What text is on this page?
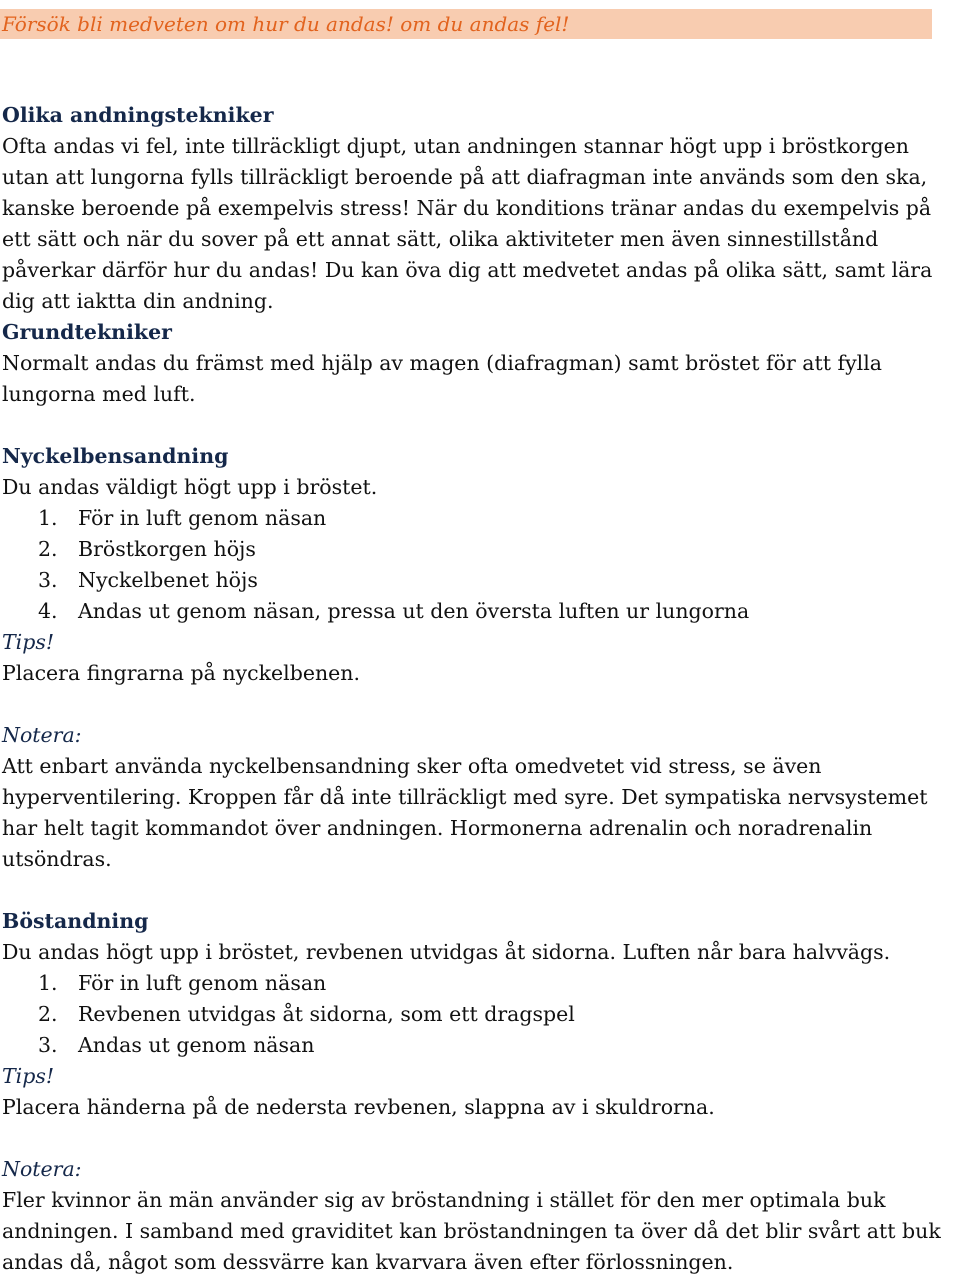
Försök bli medveten om hur du andas! om du andas fel!

Olika andningstekniker

Ofta andas vi fel, inte tillräckligt djupt, utan andningen stannar högt upp i bröstkorgen utan att lungorna fylls tillräckligt beroende på att diafragman inte används som den ska, kanske beroende på exempelvis stress! När du konditions tränar andas du exempelvis på ett sätt och när du sover på ett annat sätt, olika aktiviteter men även sinnestillstånd påverkar därför hur du andas! Du kan öva dig att medvetet andas på olika sätt, samt lära dig att iaktta din andning.

Grundtekniker

Normalt andas du främst med hjälp av magen (diafragman) samt bröstet för att fylla lungorna med luft.

Nyckelbensandning

Du andas väldigt högt upp i bröstet.

1. För in luft genom näsan
2. Bröstkorgen höjs
3. Nyckelbenet höjs
4. Andas ut genom näsan, pressa ut den översta luften ur lungorna

Tips!

Placera fingrarna på nyckelbenen.

Notera:

Att enbart använda nyckelbensandning sker ofta omedvetet vid stress, se även hyperventilering. Kroppen får då inte tillräckligt med syre. Det sympatiska nervsystemet har helt tagit kommandot över andningen. Hormonerna adrenalin och noradrenalin utsöndras.

Böstandning

Du andas högt upp i bröstet, revbenen utvidgas åt sidorna. Luften når bara halvvägs.

1. För in luft genom näsan
2. Revbenen utvidgas åt sidorna, som ett dragspel
3. Andas ut genom näsan

Tips!

Placera händerna på de nedersta revbenen, slappna av i skuldrorna.

Notera:

Fler kvinnor än män använder sig av bröstandning i stället för den mer optimala buk andningen. I samband med graviditet kan bröstandningen ta över då det blir svårt att buk andas då, något som dessvärre kan kvarvara även efter förlossningen.
